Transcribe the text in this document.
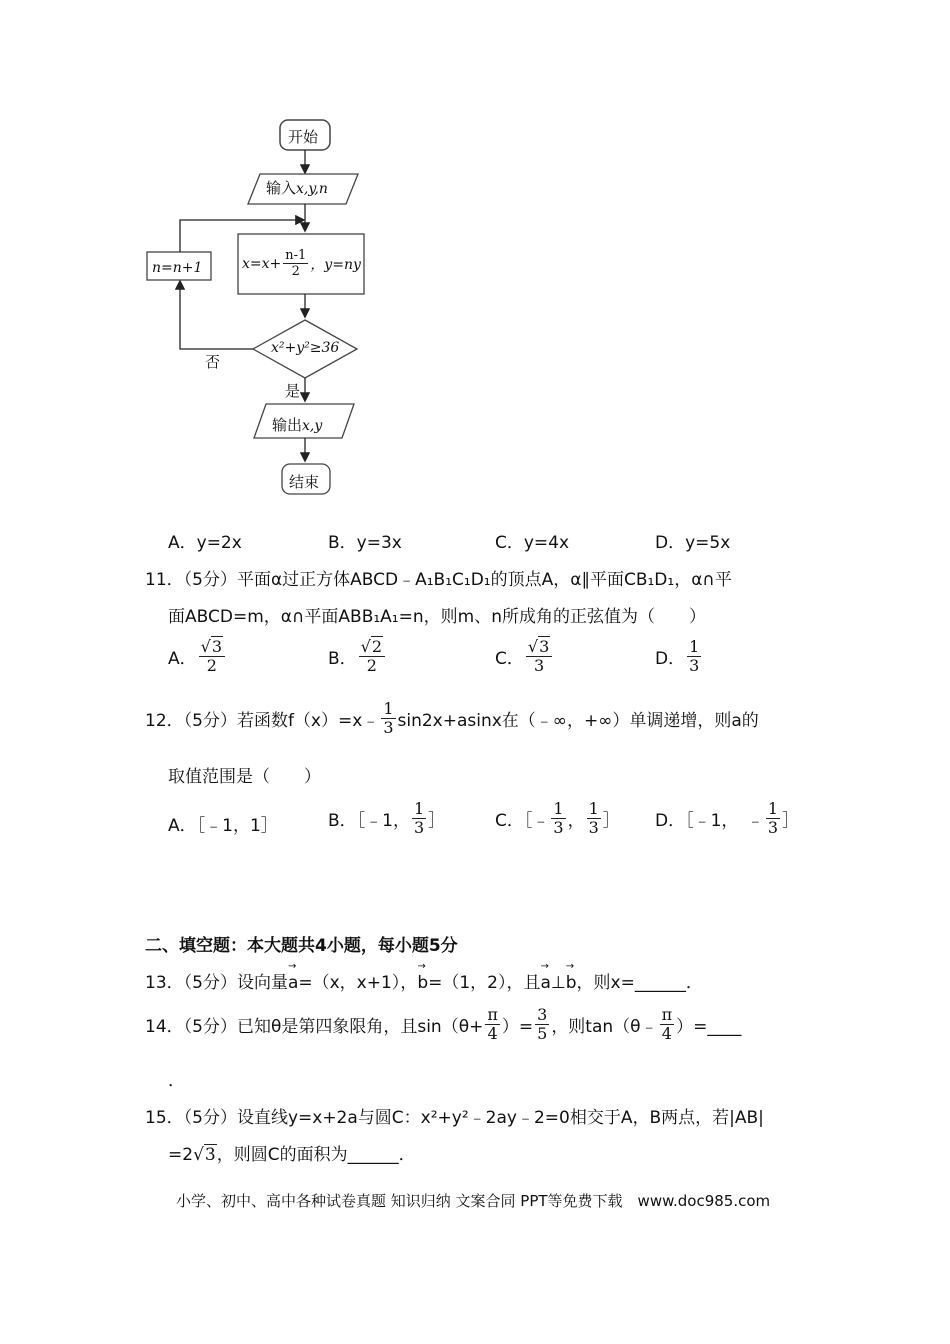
开始
输入x,y,n
$x=x+ \frac{n-1}{2}$ ，y=ny
n=n+1
x²+y²≥36
否
是
输出x,y
结束
A．y=2x	B．y=3x	C．y=4x	D．y=5x
11．（5分）平面α过正方体ABCD﹣A₁B₁C₁D₁的顶点A，α∥平面CB₁D₁，α∩平
面ABCD=m，α∩平面ABB₁A₁=n，则m、n所成角的正弦值为（　　）
A． $\frac{√3}{2}$	B． $\frac{√2}{2}$	C． $\frac{√3}{3}$	D． $\frac{1}{3}$
12．（5分）若函数f（x）=x﹣ $\frac{1}{3} \sin 2x+asinx$在（﹣∞，+∞）单调递增，则a的
取值范围是（　　）
A．［﹣1，1］	B．［﹣1， $\frac{1}{3}$ ］	C．［﹣ $\frac{1}{3}$ ， $\frac{1}{3}$ ］ D．［﹣1，　﹣ $\frac{1}{3}$ ］
二、填空题：本大题共4小题，每小题5分
13．（5分）设向量→ a=（x，x+1），→ b=（1，2），且→ a⊥→ b，则x=______．
14．（5分）已知θ是第四象限角，且$\sin(\theta+ \frac{\pi}{4}$ ）= $\frac{3}{5}$ ，则tan（θ﹣ $\frac{\pi}{4}$ ）=____
．
15．（5分）设直线y=x+2a与圆C：x²+y²﹣2ay﹣2=0相交于A，B两点，若|AB|
=2√3，则圆C的面积为______．
小学、初中、高中各种试卷真题 知识归纳 文案合同 PPT等免费下载　www.doc985.com
